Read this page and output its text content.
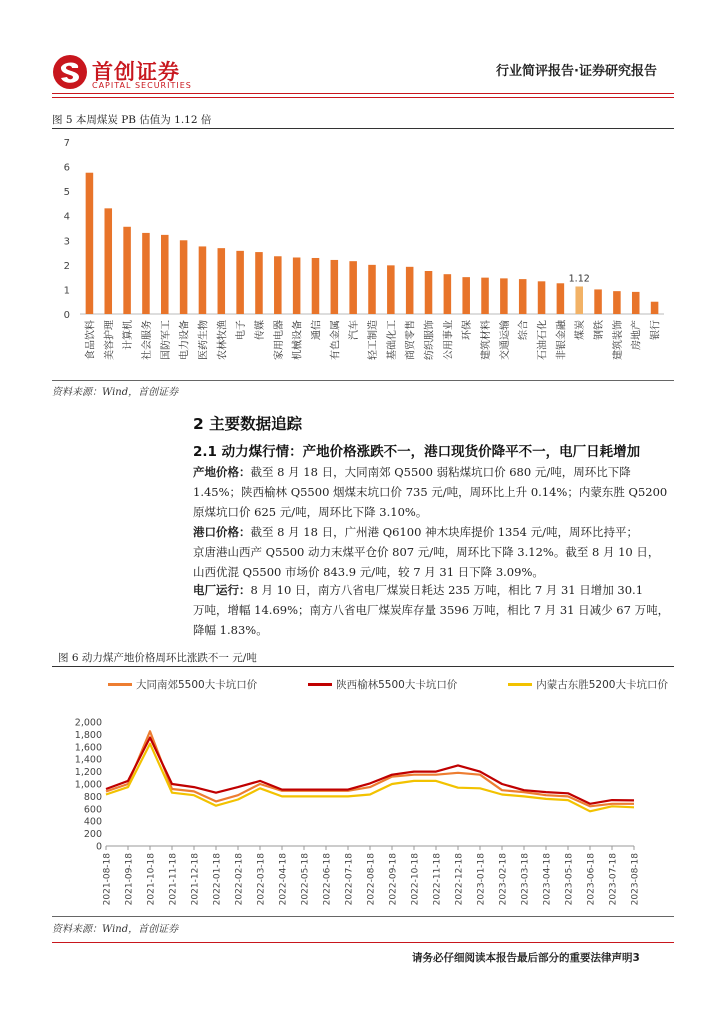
首创证券
CAPITAL SECURITIES
行业简评报告·证券研究报告
图 5 本周煤炭 PB 估值为 1.12 倍
0
1
2
3
4
5
6
7
食品饮料 美容护理 计算机 社会服务 国防军工 电力设备 医药生物 农林牧渔 电子 传媒 家用电器 机械设备 通信 有色金属 汽车 轻工制造 基础化工 商贸零售 纺织服饰 公用事业 环保 建筑材料 交通运输 综合 石油石化 非银金融
1.12
煤炭 钢铁 建筑装饰 房地产 银行
资料来源：Wind，首创证券
2 主要数据追踪
2.1 动力煤行情：产地价格涨跌不一，港口现货价降平不一，电厂日耗增加
产地价格：截至 8 月 18 日，大同南郊 Q5500 弱粘煤坑口价 680 元/吨，周环比下降
1.45%；陕西榆林 Q5500 烟煤末坑口价 735 元/吨，周环比上升 0.14%；内蒙东胜 Q5200
原煤坑口价 625 元/吨，周环比下降 3.10%。
港口价格：截至 8 月 18 日，广州港 Q6100 神木块库提价 1354 元/吨，周环比持平；
京唐港山西产 Q5500 动力末煤平仓价 807 元/吨，周环比下降 3.12%。截至 8 月 10 日，
山西优混 Q5500 市场价 843.9 元/吨，较 7 月 31 日下降 3.09%。
电厂运行：8 月 10 日，南方八省电厂煤炭日耗达 235 万吨，相比 7 月 31 日增加 30.1
万吨，增幅 14.69%；南方八省电厂煤炭库存量 3596 万吨，相比 7 月 31 日减少 67 万吨，
降幅 1.83%。
图 6 动力煤产地价格周环比涨跌不一 元/吨
大同南郊5500大卡坑口价	陕西榆林5500大卡坑口价	内蒙古东胜5200大卡坑口价
0
200
400
600
800
1,000
1,200
1,400
1,600
1,800
2,000
2021-08-18 2021-09-18 2021-10-18 2021-11-18 2021-12-18 2022-01-18 2022-02-18 2022-03-18 2022-04-18 2022-05-18 2022-06-18 2022-07-18 2022-08-18 2022-09-18 2022-10-18 2022-11-18 2022-12-18 2023-01-18 2023-02-18 2023-03-18 2023-04-18 2023-05-18 2023-06-18 2023-07-18 2023-08-18
资料来源：Wind，首创证券
请务必仔细阅读本报告最后部分的重要法律声明3
